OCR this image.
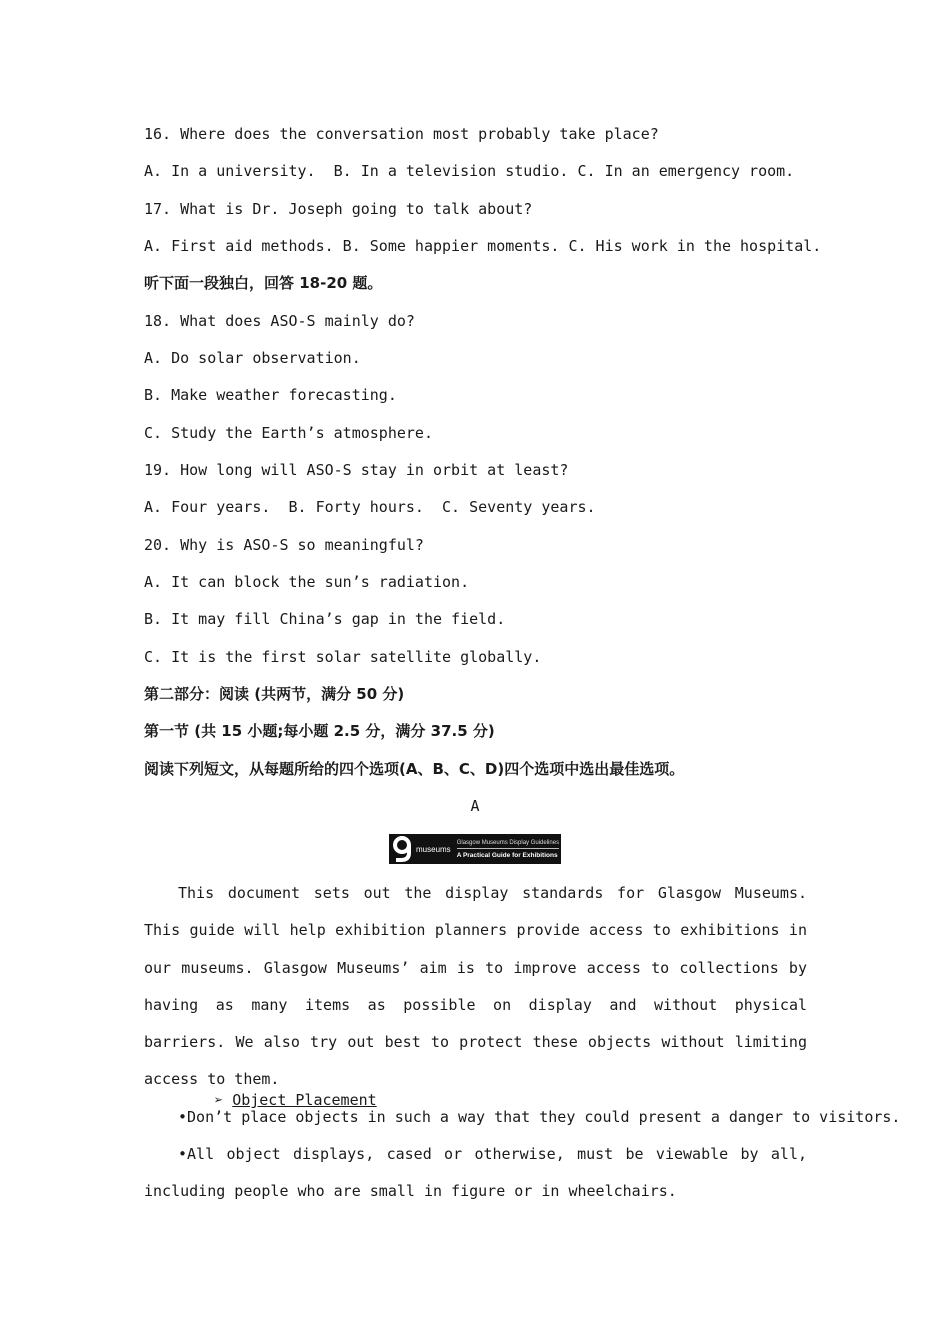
16. Where does the conversation most probably take place?
A. In a university.  B. In a television studio. C. In an emergency room.
17. What is Dr. Joseph going to talk about?
A. First aid methods. B. Some happier moments. C. His work in the hospital.
听下面一段独白，回答 18-20 题。
18. What does ASO-S mainly do?
A. Do solar observation.
B. Make weather forecasting.
C. Study the Earth’s atmosphere.
19. How long will ASO-S stay in orbit at least?
A. Four years.  B. Forty hours.  C. Seventy years.
20. Why is ASO-S so meaningful?
A. It can block the sun’s radiation.
B. It may fill China’s gap in the field.
C. It is the first solar satellite globally.
第二部分：阅读 (共两节，满分 50 分)
第一节 (共 15 小题;每小题 2.5 分，满分 37.5 分)
阅读下列短文，从每题所给的四个选项(A、B、C、D)四个选项中选出最佳选项。
A
museums
Glasgow Museums Display Guidelines
A Practical Guide for Exhibitions
This document sets out the display standards for Glasgow Museums. This guide will help exhibition planners provide access to exhibitions in our museums. Glasgow Museums’ aim is to improve access to collections by having as many items as possible on display and without physical barriers. We also try out best to protect these objects without limiting access to them.

➢ Object Placement

•Don’t place objects in such a way that they could present a danger to visitors.
•All object displays, cased or otherwise, must be viewable by all, including people who are small in figure or in wheelchairs.
